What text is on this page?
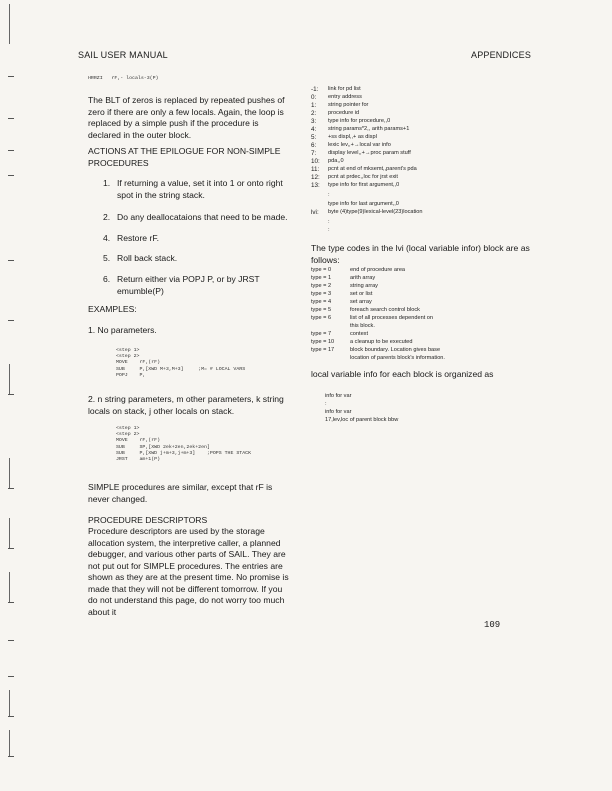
SAIL USER MANUAL	APPENDICES
HRRZI   rF,- locals-3(P)
The BLT of zeros is replaced by repeated pushes of zero if there are only a few locals. Again, the loop is replaced by a simple push if the procedure is declared in the outer block.
ACTIONS AT THE EPILOGUE FOR NON-SIMPLE PROCEDURES
1. If returning a value, set it into 1 or onto right spot in the string stack.
2. Do any deallocataions that need to be made.
4. Restore rF.
5. Roll back stack.
6. Return either via POPJ P, or by JRST emumble(P)
EXAMPLES:
1. No parameters.
<step 1>
<step 2>
MOVE    rF,(rF)
SUB     P,[XWD M+3,M+3]     ;M= # LOCAL VARS
POPJ    P,
2. n string parameters, m other parameters, k string locals on stack, j other locals on stack.
<step 1>
<step 2>
MOVE    rF,(rF)
SUB     SP,[XWD 2ek+2en,2ek+2en]
SUB     P,[XWD j+m+3,j+m+3]    ;POPS THE STACK
JRST    am+1(P)
SIMPLE procedures are similar, except that rF is never changed.
PROCEDURE DESCRIPTORS
Procedure descriptors are used by the storage allocation system, the interpretive caller, a planned debugger, and various other parts of SAIL. They are not put out for SIMPLE procedures. The entries are shown as they are at the present time. No promise is made that they will not be different tomorrow. If you do not understand this page, do not worry too much about it
-1: link for pd list
0: entry address
1: string pointer for
2: procedure id
3: type info for procedure,,0
4: string params*2,, arith params+1
5: +ss displ,,+ as displ
6: lexic lev,,+→local var info
7: display level,,+→proc param stuff
10: pda,,0
11: pcnt at end of mksemt,,parent's pda
12: pcnt at prdec,,loc for jrst exit
13: type info for first argument,,0
:
type info for last argument,,0
lvi: byte (4)type(9)lexical-level(23)location
:
:
The type codes in the lvi (local variable infor) block are as follows:
type = 0	end of procedure area
type = 1	arith array
type = 2	string array
type = 3	set or list
type = 4	set array
type = 5	foreach search control block
type = 6	list of all processes dependent on
this block.
type = 7	context
type = 10	a cleanup to be executed
type = 17	block boundary. Location gives base
location of parents block's information.
local variable info for each block is organized as
info for var
:
info for var
17,lev,loc of parent block bbw
109
